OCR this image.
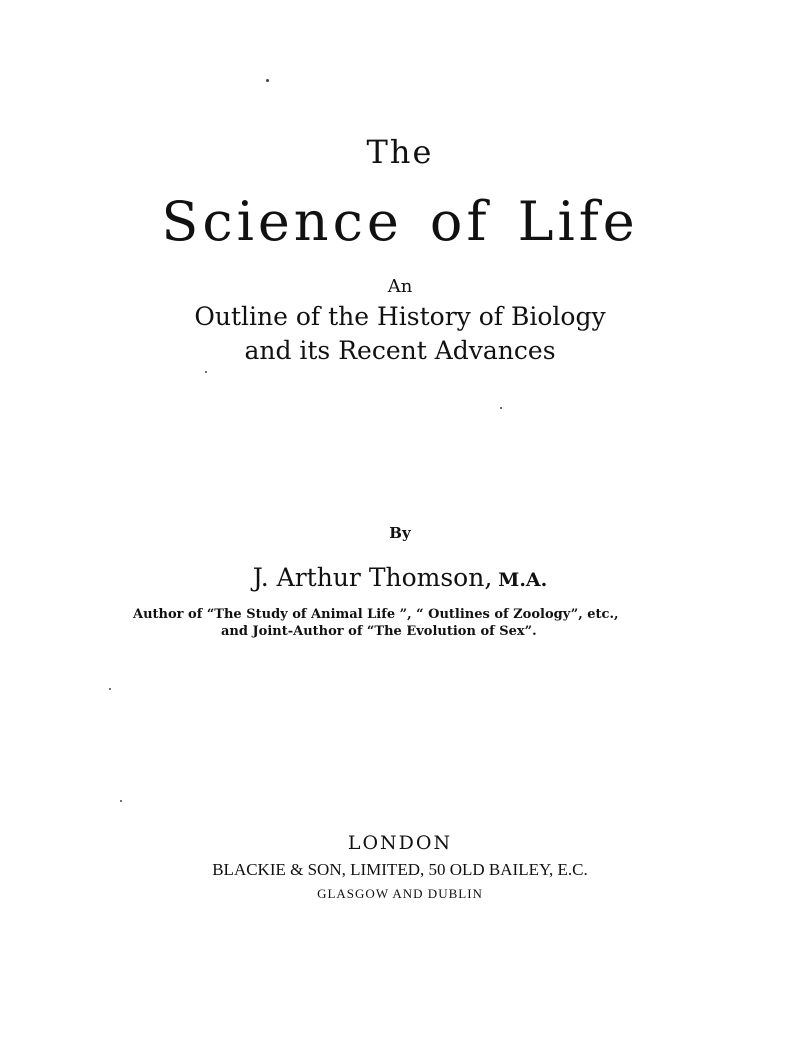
The
Science of Life
An
Outline of the History of Biology
and its Recent Advances
By
J. Arthur Thomson, M.A.
Author of “The Study of Animal Life ”, “ Outlines of Zoology”, etc.,
and Joint-Author of “The Evolution of Sex”.
LONDON
BLACKIE & SON, LIMITED, 50 OLD BAILEY, E.C.
GLASGOW AND DUBLIN
